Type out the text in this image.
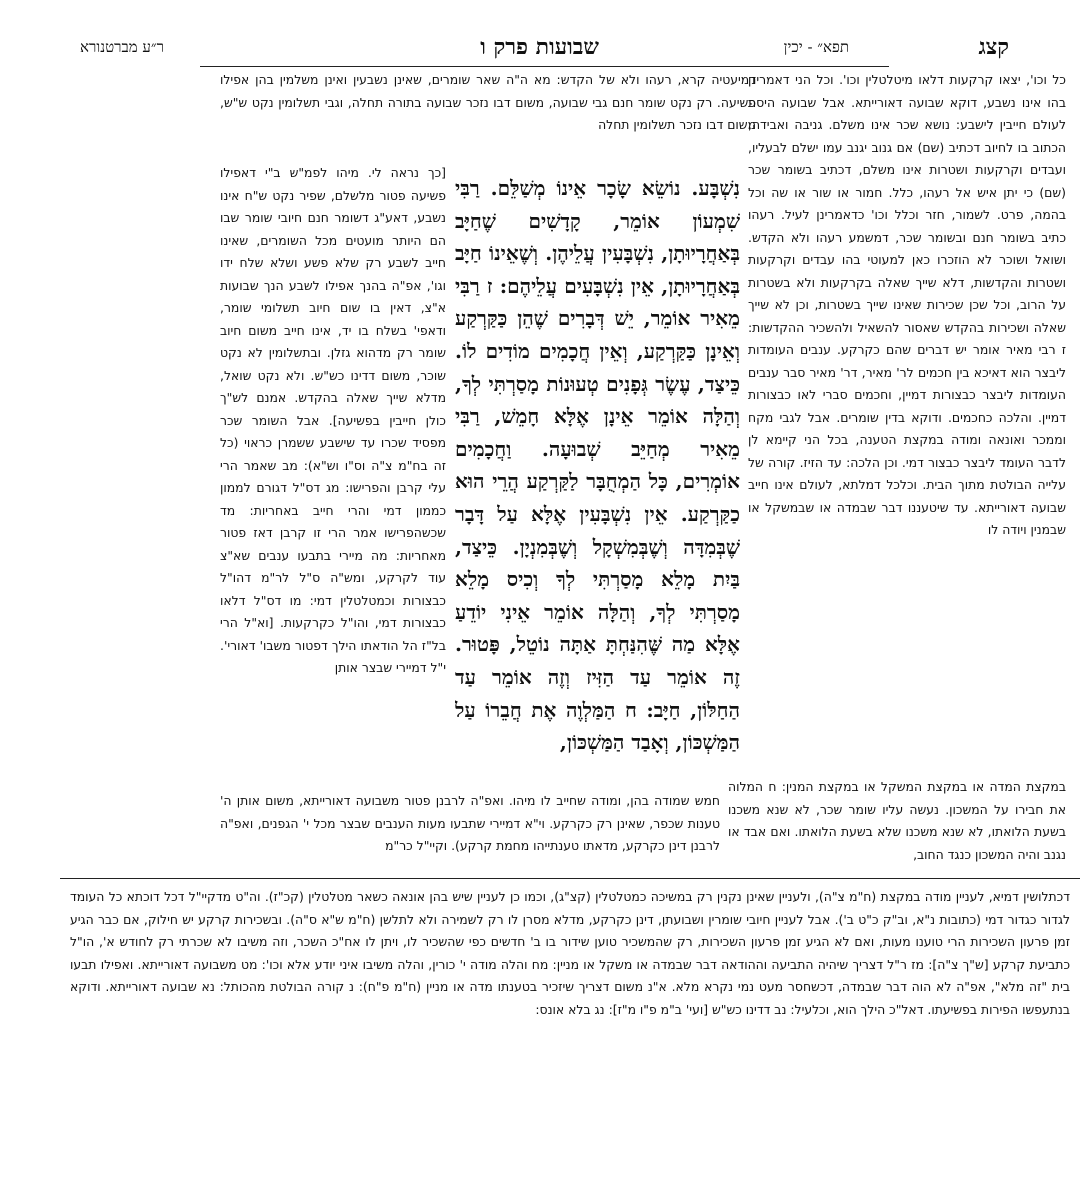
קצג
תפא״ - יכין
שבועות פרק ו
ר״ע מברטנורא

כל וכו', יצאו קרקעות דלאו מיטלטלין וכו'. וכל הני דאמרינן בהו אינו נשבע, דוקא שבועה דאורייתא. אבל שבועה היסת לעולם חייבין לישבע: נושא שכר אינו משלם. גניבה ואבידה, הכתוב בו לחיוב דכתיב (שם) אם גנוב יגנב עמו ישלם לבעליו, ועבדים וקרקעות ושטרות אינו משלם, דכתיב בשומר שכר (שם) כי יתן איש אל רעהו, כלל. חמור או שור או שה וכל בהמה, פרט. לשמור, חזר וכלל וכו' כדאמרינן לעיל. רעהו כתיב בשומר חנם ובשומר שכר, דמשמע רעהו ולא הקדש. ושואל ושוכר לא הוזכרו כאן למעוטי בהו עבדים וקרקעות ושטרות והקדשות, דלא שייך שאלה בקרקעות ולא בשטרות על הרוב, וכל שכן שכירות שאינו שייך בשטרות, וכן לא שייך שאלה ושכירות בהקדש שאסור להשאיל ולהשכיר ההקדשות: ז רבי מאיר אומר יש דברים שהם כקרקע. ענבים העומדות ליבצר הוא דאיכא בין חכמים לר' מאיר, דר' מאיר סבר ענבים העומדות ליבצר כבצורות דמיין, וחכמים סברי לאו כבצורות דמיין. והלכה כחכמים. ודוקא בדין שומרים. אבל לגבי מקח וממכר ואונאה ומודה במקצת הטענה, בכל הני קיימא לן לדבר העומד ליבצר כבצור דמי. וכן הלכה: עד הזיז. קורה של עלייה הבולטת מתוך הבית. וכלכל דמלתא, לעולם אינו חייב שבועה דאורייתא. עד שיטעננו דבר שבמדה או שבמשקל או שבמנין ויודה לו

דמיעטיה קרא, רעהו ולא של הקדש: מא ה"ה שאר שומרים, שאינן נשבעין ואינן משלמין בהן אפילו פשיעה. רק נקט שומר חנם גבי שבועה, משום דבו נזכר שבועה בתורה תחלה, וגבי תשלומין נקט ש"ש, משום דבו נזכר תשלומין תחלה

[כך נראה לי. מיהו לפמ"ש ב"י דאפילו פשיעה פטור מלשלם, שפיר נקט ש"ח אינו נשבע, דאע"ג דשומר חנם חיובי שומר שבו הם היותר מועטים מכל השומרים, שאינו חייב לשבע רק שלא פשע ושלא שלח ידו וגו', אפ"ה בהנך אפילו לשבע הנך שבועות א"צ, דאין בו שום חיוב תשלומי שומר, ודאפי' בשלח בו יד, אינו חייב משום חיוב שומר רק מדהוא גזלן. ובתשלומין לא נקט שוכר, משום דדינו כש"ש. ולא נקט שואל, מדלא שייך שאלה בהקדש. אמנם לש"ך כולן חייבין בפשיעה]. אבל השומר שכר מפסיד שכרו עד שישבע ששמרן כראוי (כל זה בח"מ צ"ה וס"ו וש"א): מב שאמר הרי עלי קרבן והפרישו: מג דס"ל דגורם לממון כממון דמי והרי חייב באחריות: מד שכשהפרישו אמר הרי זו קרבן דאז פטור מאחריות: מה מיירי בתבעו ענבים שא"צ עוד לקרקע, ומש"ה ס"ל לר"מ דהו"ל כבצורות וכמטלטלין דמי: מו דס"ל דלאו כבצורות דמי, והו"ל כקרקעות. [וא"ל הרי בל"ז הל הודאתו הילך דפטור משבו' דאורי'. י"ל דמיירי שבצר אותן

נִשְׁבָּע. נוֹשֵׂא שָׂכָר אֵינוֹ מְשַׁלֵּם. רַבִּי שִׁמְעוֹן אוֹמֵר, קָדָשִׁים שֶׁחַיָּב בְּאַחֲרָיוּתָן, נִשְׁבָּעִין עֲלֵיהֶן. וְשֶׁאֵינוֹ חַיָּב בְּאַחֲרָיוּתָן, אֵין נִשְׁבָּעִים עֲלֵיהֶם: ז רַבִּי מֵאִיר אוֹמֵר, יֵשׁ דְּבָרִים שֶׁהֵן כַּקַּרְקַע וְאֵינָן כַּקַּרְקַע, וְאֵין חֲכָמִים מוֹדִים לוֹ. כֵּיצַד, עֶשֶׂר גְּפָנִים טְעוּנוֹת מָסַרְתִּי לְךָ, וְהַלָּה אוֹמֵר אֵינָן אֶלָּא חָמֵשׁ, רַבִּי מֵאִיר מְחַיֵּב שְׁבוּעָה. וַחֲכָמִים אוֹמְרִים, כָּל הַמְחֻבָּר לַקַּרְקַע הֲרֵי הוּא כַקַּרְקַע. אֵין נִשְׁבָּעִין אֶלָּא עַל דָּבָר שֶׁבְּמִדָּה וְשֶׁבְּמִשְׁקָל וְשֶׁבְּמִנְיָן. כֵּיצַד, בַּיִת מָלֵא מָסַרְתִּי לְךָ וְכִיס מָלֵא מָסַרְתִּי לְךָ, וְהַלָּה אוֹמֵר אֵינִי יוֹדֵעַ אֶלָּא מַה שֶּׁהִנַּחְתָּ אַתָּה נוֹטֵל, פָּטוּר. זֶה אוֹמֵר עַד הַזִּיז וְזֶה אוֹמֵר עַד הַחַלּוֹן, חַיָּב: ח הַמַּלְוֶה אֶת חֲבֵרוֹ עַל הַמַּשְׁכּוֹן, וְאָבַד הַמַּשְׁכּוֹן,

חמש שמודה בהן, ומודה שחייב לו מיהו. ואפ"ה לרבנן פטור משבועה דאורייתא, משום אותן ה' טענות שכפר, שאינן רק כקרקע. וי"א דמיירי שתבעו מעות הענבים שבצר מכל י' הגפנים, ואפ"ה לרבנן דינן כקרקע, מדאתו טענתייהו מחמת קרקע). וקיי"ל כר"מ

במקצת המדה או במקצת המשקל או במקצת המנין: ח המלוה את חבירו על המשכון. נעשה עליו שומר שכר, לא שנא משכנו בשעת הלואתו, לא שנא משכנו שלא בשעת הלואתו. ואם אבד או נגנב והיה המשכון כנגד החוב,

דכתלושין דמיא, לעניין מודה במקצת (ח"מ צ"ה), ולעניין שאינן נקנין רק במשיכה כמטלטלין (קצ"ג), וכמו כן לעניין שיש בהן אונאה כשאר מטלטלין (קכ"ז). וה"ט מדקיי"ל דכל דוכתא כל העומד לגדור כגדור דמי (כתובות נ"א, וב"ק כ"ט ב'). אבל לעניין חיובי שומרין ושבועתן, דינן כקרקע, מדלא מסרן לו רק לשמירה ולא לתלשן (ח"מ ש"א ס"ה). ובשכירות קרקע יש חילוק, אם כבר הגיע זמן פרעון השכירות הרי טוענו מעות, ואם לא הגיע זמן פרעון השכירות, רק שהמשכיר טוען שידור בו ב' חדשים כפי שהשכיר לו, ויתן לו אח"כ השכר, וזה משיבו לא שכרתי רק לחודש א', הו"ל כתביעת קרקע [ש"ך צ"ה]: מז ר"ל דצריך שיהיה התביעה וההודאה דבר שבמדה או משקל או מניין: מח והלה מודה י' כורין, והלה משיבו איני יודע אלא וכו': מט משבועה דאורייתא. ואפילו תבעו בית "זה מלא", אפ"ה לא הוה דבר שבמדה, דכשחסר מעט נמי נקרא מלא. א"נ משום דצריך שיזכיר בטענתו מדה או מניין (ח"מ פ"ח): נ קורה הבולטת מהכותל: נא שבועה דאורייתא. ודוקא בנתעפשו הפירות בפשיעתו. דאל"כ הילך הוא, וכלעיל: נב דדינו כש"ש [ועי' ב"מ פ"ו מ"ז]: נג בלא אונס:
